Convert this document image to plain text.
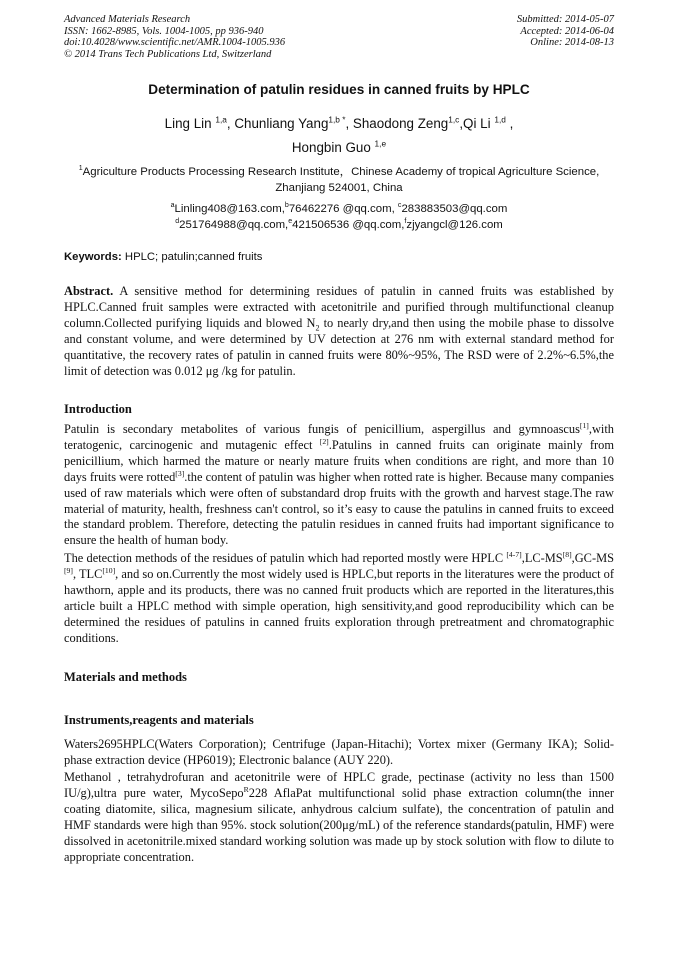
Advanced Materials Research
ISSN: 1662-8985, Vols. 1004-1005, pp 936-940
doi:10.4028/www.scientific.net/AMR.1004-1005.936
© 2014 Trans Tech Publications Ltd, Switzerland
Submitted: 2014-05-07
Accepted: 2014-06-04
Online: 2014-08-13
Determination of patulin residues in canned fruits by HPLC
Ling Lin $^{1,a}$, Chunliang Yang$^{1,b *}$, Shaodong Zeng$^{1,c}$,Qi Li $^{1,d}$ ,
Hongbin Guo $^{1,e}$
$^1$Agriculture Products Processing Research Institute，Chinese Academy of tropical Agriculture Science, Zhanjiang 524001, China
$^a$Linling408@163.com,$^b$76462276 @qq.com, $^c$283883503@qq.com
$^d$251764988@qq.com,$^e$421506536 @qq.com,$^f$zjyangcl@126.com
Keywords: HPLC; patulin;canned fruits

Abstract. A sensitive method for determining residues of patulin in canned fruits was established by HPLC.Canned fruit samples were extracted with acetonitrile and purified through multifunctional cleanup column.Collected purifying liquids and blowed $N_2$ to nearly dry,and then using the mobile phase to dissolve and constant volume, and were determined by UV detection at 276 nm with external standard method for quantitative, the recovery rates of patulin in canned fruits were 80%~95%, The RSD were of 2.2%~6.5%,the limit of detection was 0.012 μg /kg for patulin.

Introduction

Patulin is secondary metabolites of various fungis of penicillium, aspergillus and gymnoascus[1],with teratogenic, carcinogenic and mutagenic effect [2].Patulins in canned fruits can originate mainly from penicillium, which harmed the mature or nearly mature fruits when conditions are right, and more than 10 days fruits were rotted[3].the content of patulin was higher when rotted rate is higher. Because many companies used of raw materials which were often of substandard drop fruits with the growth and harvest stage.The raw material of maturity, health, freshness can't control, so it’s easy to cause the patulins in canned fruits to exceed the standard problem. Therefore, detecting the patulin residues in canned fruits had important significance to ensure the health of human body.

The detection methods of the residues of patulin which had reported mostly were HPLC [4-7],LC-MS[8],GC-MS [9], TLC[10], and so on.Currently the most widely used is HPLC,but reports in the literatures were the product of hawthorn, apple and its products, there was no canned fruit products which are reported in the literatures,this article built a HPLC method with simple operation, high sensitivity,and good reproducibility which can be determined the residues of patulins in canned fruits exploration through pretreatment and chromatographic conditions.

Materials and methods
Instruments,reagents and materials

Waters2695HPLC(Waters Corporation); Centrifuge (Japan-Hitachi); Vortex mixer (Germany IKA); Solid-phase extraction device (HP6019); Electronic balance (AUY 220).

Methanol , tetrahydrofuran and acetonitrile were of HPLC grade, pectinase (activity no less than 1500 IU/g),ultra pure water, MycoSepo$^R$228 AflaPat multifunctional solid phase extraction column(the inner coating diatomite, silica, magnesium silicate, anhydrous calcium sulfate), the concentration of patulin and HMF standards were high than 95%. stock solution(200μg/mL) of the reference standards(patulin, HMF) were dissolved in acetonitrile.mixed standard working solution was made up by stock solution with flow to dilute to appropriate concentration.
